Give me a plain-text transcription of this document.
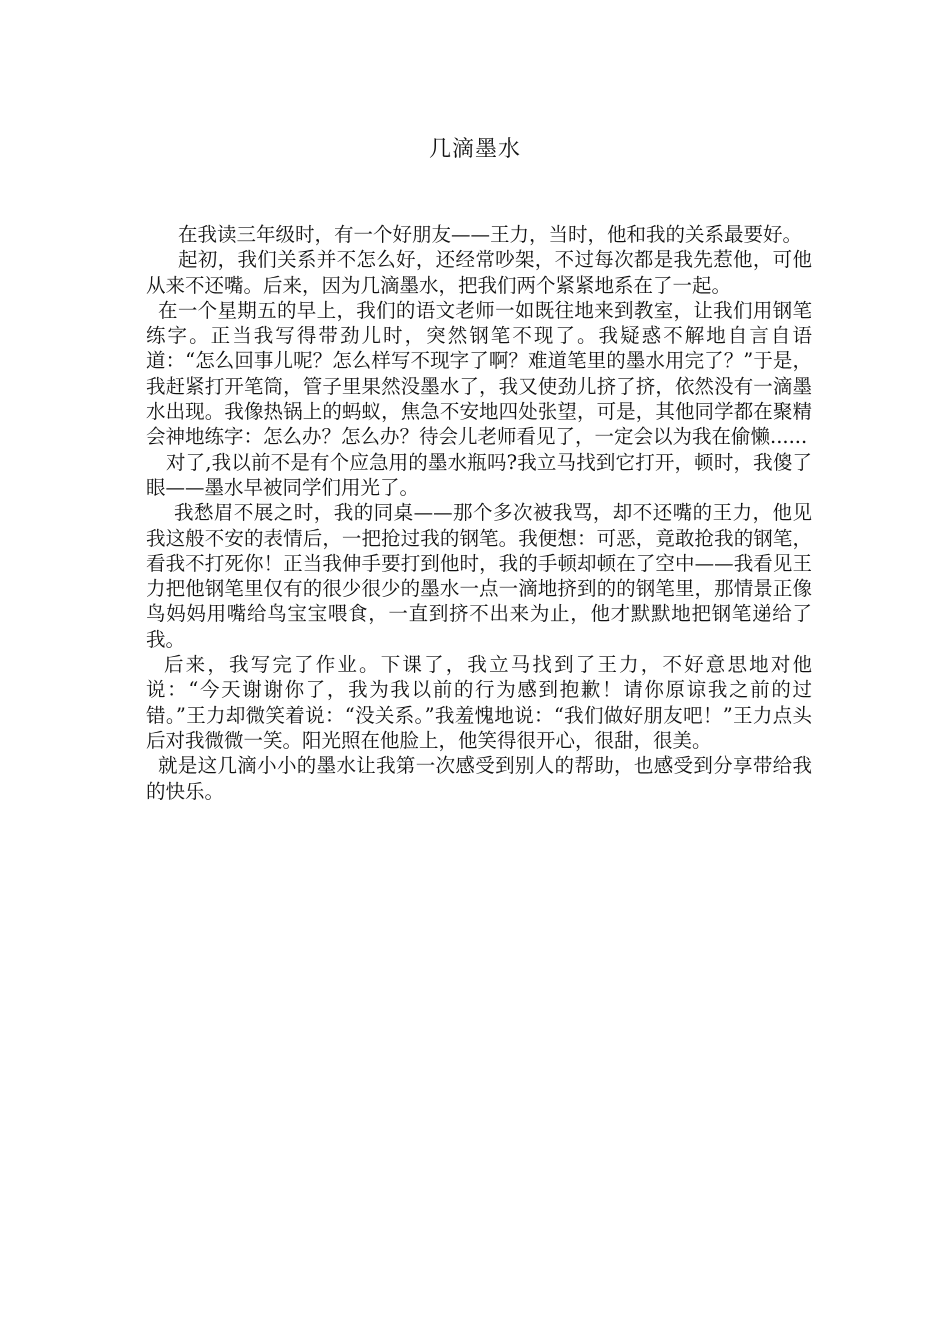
几滴墨水

在我读三年级时，有一个好朋友——王力，当时，他和我的关系最要好。

起初，我们关系并不怎么好，还经常吵架，不过每次都是我先惹他，可他从来不还嘴。后来，因为几滴墨水，把我们两个紧紧地系在了一起。

在一个星期五的早上，我们的语文老师一如既往地来到教室，让我们用钢笔练字。正当我写得带劲儿时，突然钢笔不现了。我疑惑不解地自言自语道：“怎么回事儿呢？怎么样写不现字了啊？难道笔里的墨水用完了？”于是，我赶紧打开笔筒，管子里果然没墨水了，我又使劲儿挤了挤，依然没有一滴墨水出现。我像热锅上的蚂蚁，焦急不安地四处张望，可是，其他同学都在聚精会神地练字：怎么办？怎么办？待会儿老师看见了，一定会以为我在偷懒......

对了,我以前不是有个应急用的墨水瓶吗?我立马找到它打开，顿时，我傻了眼——墨水早被同学们用光了。

我愁眉不展之时，我的同桌——那个多次被我骂，却不还嘴的王力，他见我这般不安的表情后，一把抢过我的钢笔。我便想：可恶，竟敢抢我的钢笔，看我不打死你！正当我伸手要打到他时，我的手顿却顿在了空中——我看见王力把他钢笔里仅有的很少很少的墨水一点一滴地挤到的的钢笔里，那情景正像鸟妈妈用嘴给鸟宝宝喂食，一直到挤不出来为止，他才默默地把钢笔递给了我。

后来，我写完了作业。下课了，我立马找到了王力，不好意思地对他说：“今天谢谢你了，我为我以前的行为感到抱歉！请你原谅我之前的过错。”王力却微笑着说：“没关系。”我羞愧地说：“我们做好朋友吧！”王力点头后对我微微一笑。阳光照在他脸上，他笑得很开心，很甜，很美。

就是这几滴小小的墨水让我第一次感受到别人的帮助，也感受到分享带给我的快乐。
